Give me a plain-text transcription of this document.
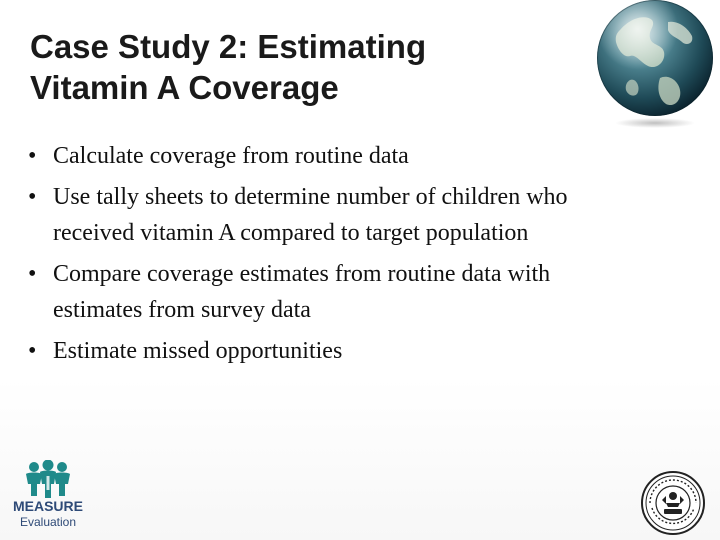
Case Study 2: Estimating
Vitamin A Coverage
• Calculate coverage from routine data
• Use tally sheets to determine number of children who received vitamin A compared to target population
• Compare coverage estimates from routine data with estimates from survey data
• Estimate missed opportunities
MEASURE
Evaluation
